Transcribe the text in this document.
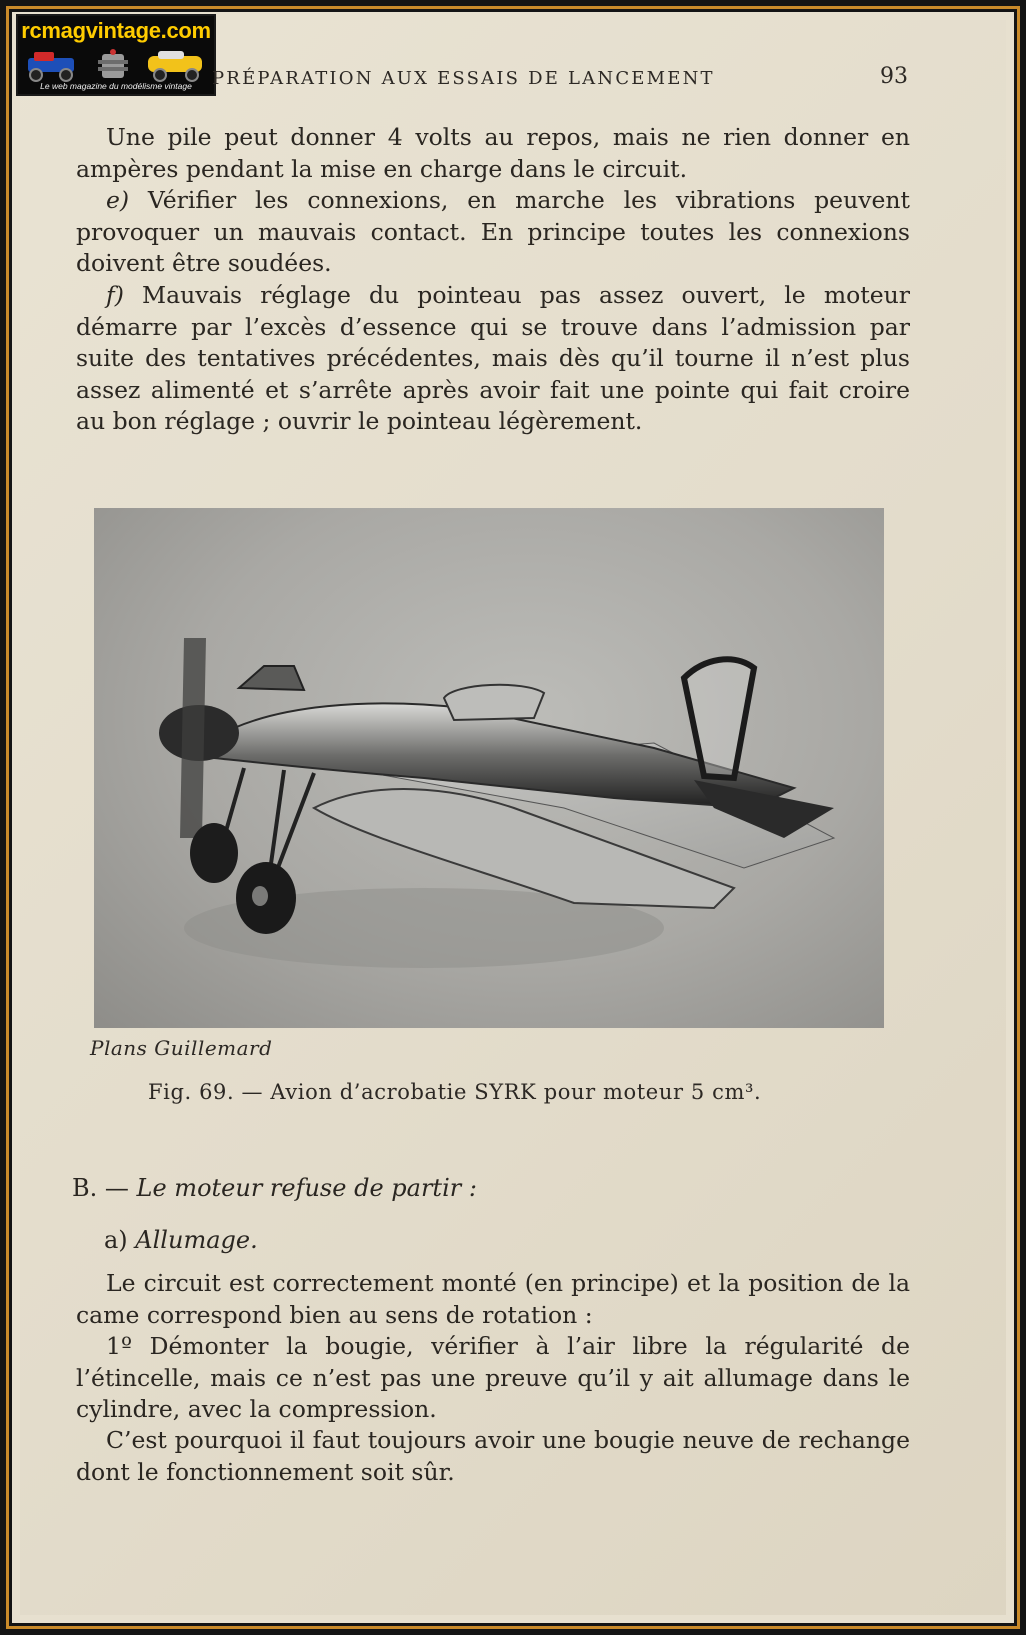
rcmagvintage.com
Le web magazine du modélisme vintage	PRÉPARATION AUX ESSAIS DE LANCEMENT	93

Une pile peut donner 4 volts au repos, mais ne rien donner en ampères pendant la mise en charge dans le circuit.

e) Vérifier les connexions, en marche les vibrations peuvent provoquer un mauvais contact. En principe toutes les connexions doivent être soudées.

f) Mauvais réglage du pointeau pas assez ouvert, le moteur démarre par l’excès d’essence qui se trouve dans l’admission par suite des tentatives précédentes, mais dès qu’il tourne il n’est plus assez alimenté et s’arrête après avoir fait une pointe qui fait croire au bon réglage ; ouvrir le pointeau légèrement.

Plans Guillemard
Fig. 69. — Avion d’acrobatie SYRK pour moteur 5 cm³.
B. — Le moteur refuse de partir :
a) Allumage.

Le circuit est correctement monté (en principe) et la position de la came correspond bien au sens de rotation :

1º Démonter la bougie, vérifier à l’air libre la régularité de l’étincelle, mais ce n’est pas une preuve qu’il y ait allumage dans le cylindre, avec la compression.

C’est pourquoi il faut toujours avoir une bougie neuve de rechange dont le fonctionnement soit sûr.
